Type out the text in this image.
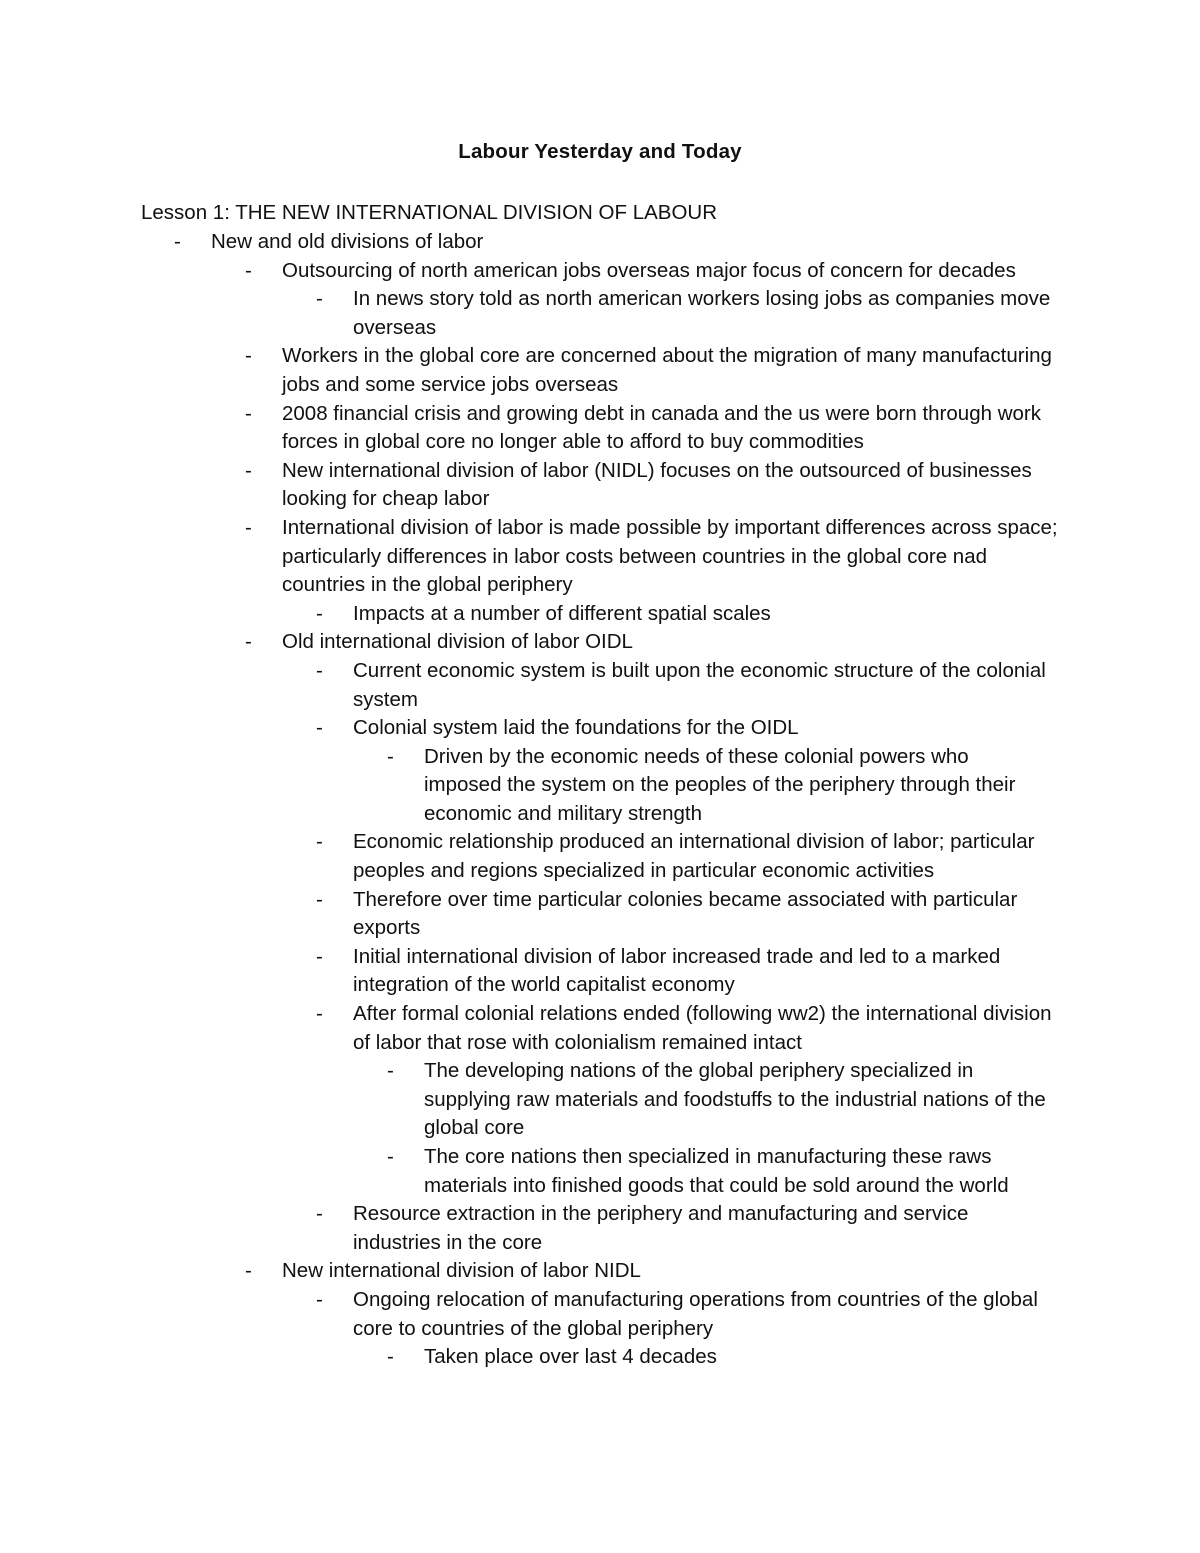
Labour Yesterday and Today
Lesson 1: THE NEW INTERNATIONAL DIVISION OF LABOUR
- New and old divisions of labor
- Outsourcing of north american jobs overseas major focus of concern for decades
- In news story told as north american workers losing jobs as companies move overseas
- Workers in the global core are concerned about the migration of many manufacturing jobs and some service jobs overseas
- 2008 financial crisis and growing debt in canada and the us were born through work forces in global core no longer able to afford to buy commodities
- New international division of labor (NIDL) focuses on the outsourced of businesses looking for cheap labor
- International division of labor is made possible by important differences across space; particularly differences in labor costs between countries in the global core nad countries in the global periphery
- Impacts at a number of different spatial scales
- Old international division of labor OIDL
- Current economic system is built upon the economic structure of the colonial system
- Colonial system laid the foundations for the OIDL
- Driven by the economic needs of these colonial powers who imposed the system on the peoples of the periphery through their economic and military strength
- Economic relationship produced an international division of labor; particular peoples and regions specialized in particular economic activities
- Therefore over time particular colonies became associated with particular exports
- Initial international division of labor increased trade and led to a marked integration of the world capitalist economy
- After formal colonial relations ended (following ww2) the international division of labor that rose with colonialism remained intact
- The developing nations of the global periphery specialized in supplying raw materials and foodstuffs to the industrial nations of the global core
- The core nations then specialized in manufacturing these raws materials into finished goods that could be sold around the world
- Resource extraction in the periphery and manufacturing and service industries in the core
- New international division of labor NIDL
- Ongoing relocation of manufacturing operations from countries of the global core to countries of the global periphery
- Taken place over last 4 decades
